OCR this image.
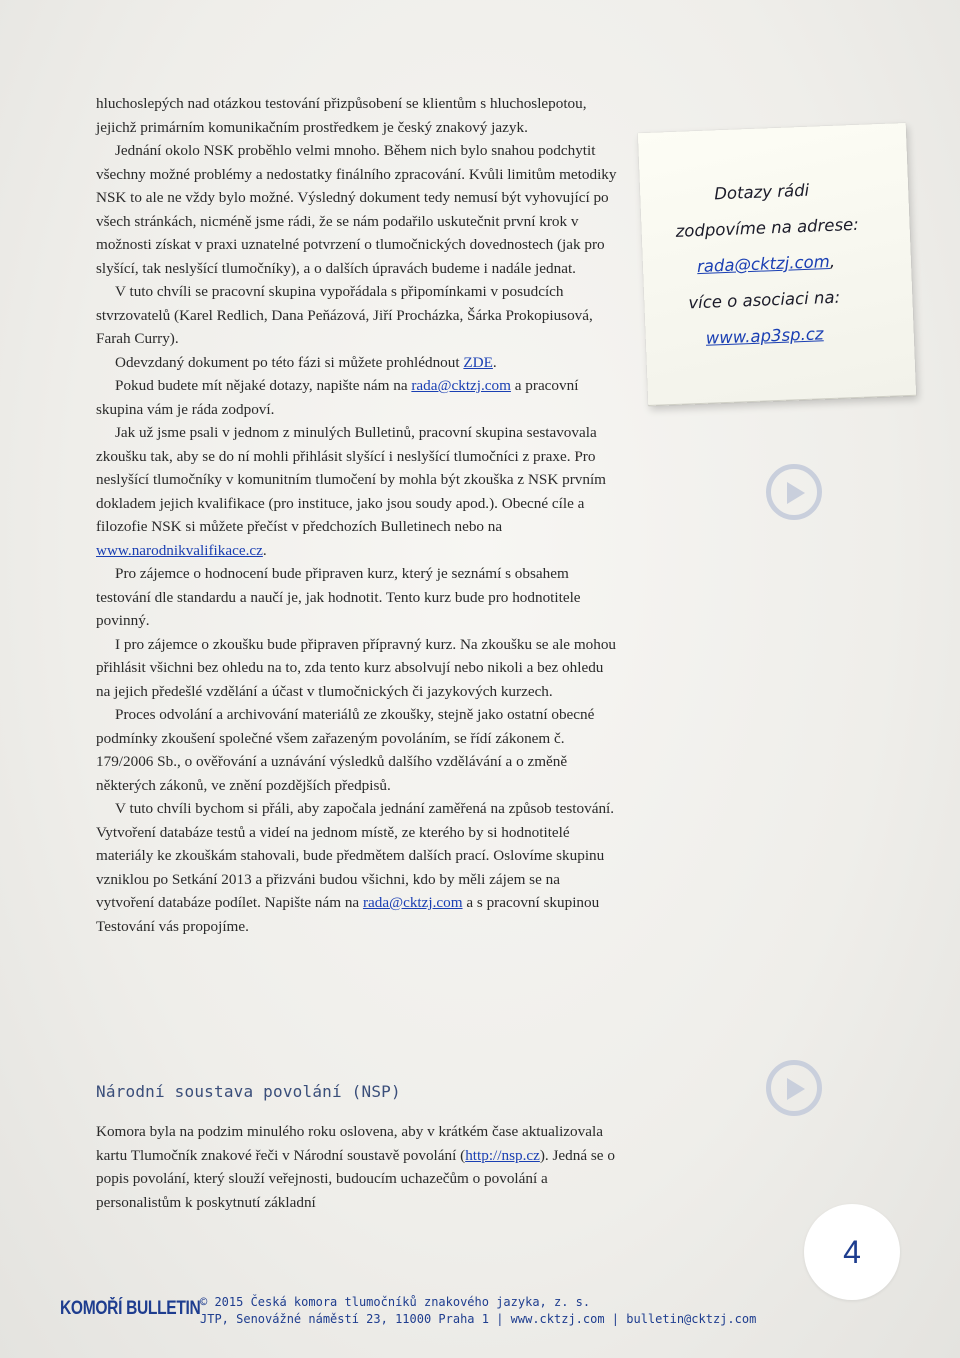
hluchoslepých nad otázkou testování přizpůsobení se klientům s hluchoslepotou, jejichž primárním komunikačním prostředkem je český znakový jazyk.

Jednání okolo NSK proběhlo velmi mnoho. Během nich bylo snahou podchytit všechny možné problémy a nedostatky finálního zpracování. Kvůli limitům metodiky NSK to ale ne vždy bylo možné. Výsledný dokument tedy nemusí být vyhovující po všech stránkách, nicméně jsme rádi, že se nám podařilo uskutečnit první krok v možnosti získat v praxi uznatelné potvrzení o tlumočnických dovednostech (jak pro slyšící, tak neslyšící tlumočníky), a o dalších úpravách budeme i nadále jednat.

V tuto chvíli se pracovní skupina vypořádala s připomínkami v posudcích stvrzovatelů (Karel Redlich, Dana Peňázová, Jiří Procházka, Šárka Prokopiusová, Farah Curry).

Odevzdaný dokument po této fázi si můžete prohlédnout ZDE.

Pokud budete mít nějaké dotazy, napište nám na rada@cktzj.com a pracovní skupina vám je ráda zodpoví.

Jak už jsme psali v jednom z minulých Bulletinů, pracovní skupina sestavovala zkoušku tak, aby se do ní mohli přihlásit slyšící i neslyšící tlumočníci z praxe. Pro neslyšící tlumočníky v komunitním tlumočení by mohla být zkouška z NSK prvním dokladem jejich kvalifikace (pro instituce, jako jsou soudy apod.). Obecné cíle a filozofie NSK si můžete přečíst v předchozích Bulletinech nebo na www.narodnikvalifikace.cz.

Pro zájemce o hodnocení bude připraven kurz, který je seznámí s obsahem testování dle standardu a naučí je, jak hodnotit. Tento kurz bude pro hodnotitele povinný.

I pro zájemce o zkoušku bude připraven přípravný kurz. Na zkoušku se ale mohou přihlásit všichni bez ohledu na to, zda tento kurz absolvují nebo nikoli a bez ohledu na jejich předešlé vzdělání a účast v tlumočnických či jazykových kurzech.

Proces odvolání a archivování materiálů ze zkoušky, stejně jako ostatní obecné podmínky zkoušení společné všem zařazeným povoláním, se řídí zákonem č. 179/2006 Sb., o ověřování a uznávání výsledků dalšího vzdělávání a o změně některých zákonů, ve znění pozdějších předpisů.

V tuto chvíli bychom si přáli, aby započala jednání zaměřená na způsob testování. Vytvoření databáze testů a videí na jednom místě, ze kterého by si hodnotitelé materiály ke zkouškám stahovali, bude předmětem dalších prací. Oslovíme skupinu vzniklou po Setkání 2013 a přizváni budou všichni, kdo by měli zájem se na vytvoření databáze podílet. Napište nám na rada@cktzj.com a s pracovní skupinou Testování vás propojíme.

Národní soustava povolání (NSP)

Komora byla na podzim minulého roku oslovena, aby v krátkém čase aktualizovala kartu Tlumočník znakové řeči v Národní soustavě povolání (http://nsp.cz). Jedná se o popis povolání, který slouží veřejnosti, budoucím uchazečům o povolání a personalistům k poskytnutí základní

Dotazy rádi
zodpovíme na adrese:
rada@cktzj.com,
více o asociaci na:
www.ap3sp.cz
4
KOMOŘÍ BULLETIN © 2015 Česká komora tlumočníků znakového jazyka, z. s.
JTP, Senovážné náměstí 23, 11000 Praha 1 | www.cktzj.com | bulletin@cktzj.com
